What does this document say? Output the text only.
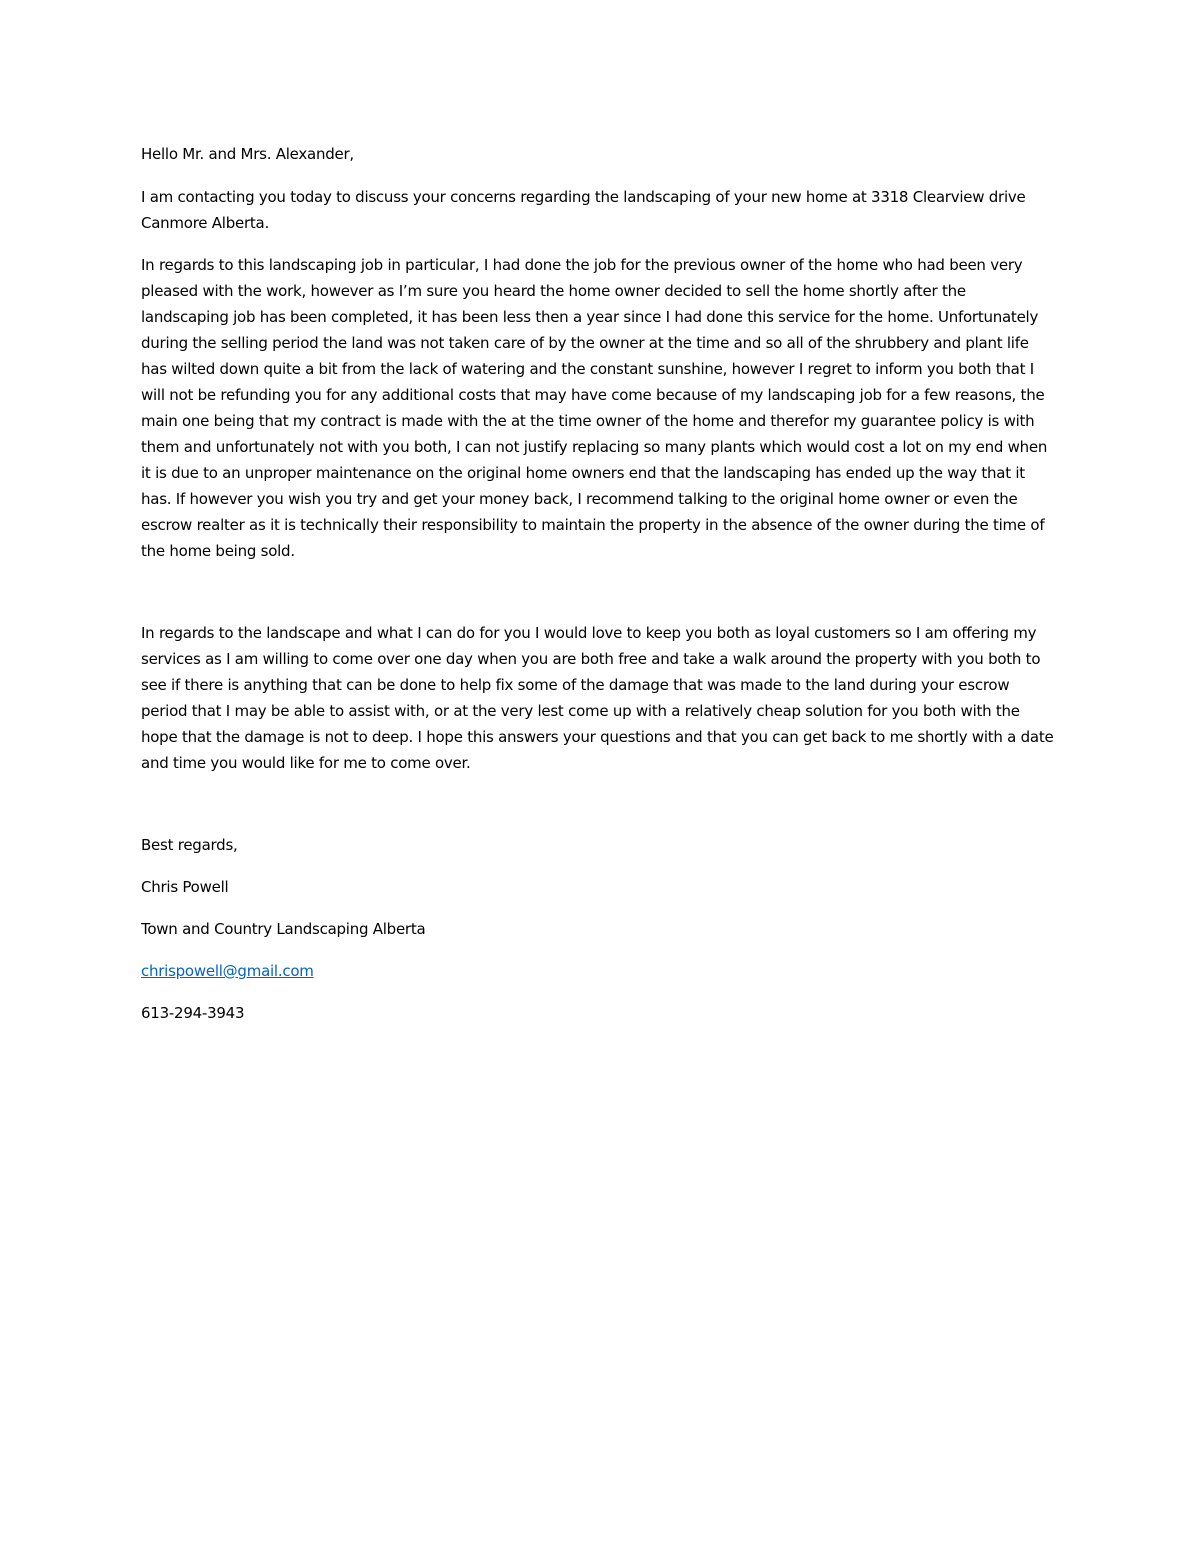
Hello Mr. and Mrs. Alexander,

I am contacting you today to discuss your concerns regarding the landscaping of your new home at 3318 Clearview drive Canmore Alberta.

In regards to this landscaping job in particular, I had done the job for the previous owner of the home who had been very pleased with the work, however as I’m sure you heard the home owner decided to sell the home shortly after the landscaping job has been completed, it has been less then a year since I had done this service for the home. Unfortunately during the selling period the land was not taken care of by the owner at the time and so all of the shrubbery and plant life has wilted down quite a bit from the lack of watering and the constant sunshine, however I regret to inform you both that I will not be refunding you for any additional costs that may have come because of my landscaping job for a few reasons, the main one being that my contract is made with the at the time owner of the home and therefor my guarantee policy is with them and unfortunately not with you both, I can not justify replacing so many plants which would cost a lot on my end when it is due to an unproper maintenance on the original home owners end that the landscaping has ended up the way that it has. If however you wish you try and get your money back, I recommend talking to the original home owner or even the escrow realter as it is technically their responsibility to maintain the property in the absence of the owner during the time of the home being sold.

In regards to the landscape and what I can do for you I would love to keep you both as loyal customers so I am offering my services as I am willing to come over one day when you are both free and take a walk around the property with you both to see if there is anything that can be done to help fix some of the damage that was made to the land during your escrow period that I may be able to assist with, or at the very lest come up with a relatively cheap solution for you both with the hope that the damage is not to deep. I hope this answers your questions and that you can get back to me shortly with a date and time you would like for me to come over.

Best regards,

Chris Powell

Town and Country Landscaping Alberta

chrispowell@gmail.com

613-294-3943
